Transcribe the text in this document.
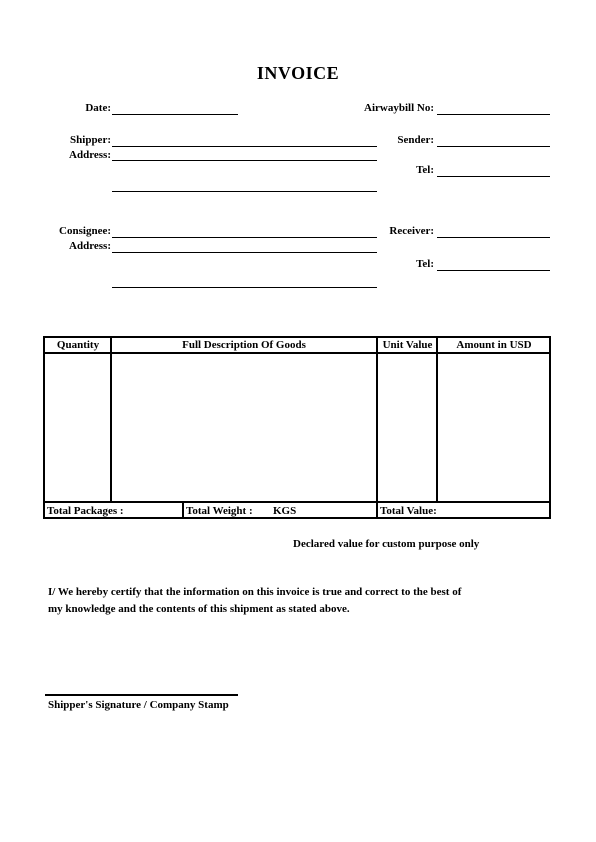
INVOICE
Date:	Airwaybill No:
Shipper:
Address:
Sender:
Tel:
Consignee:
Address:
Receiver:
Tel:
Quantity	Full Description Of Goods	Unit Value	Amount in USD
Total Packages :	Total Weight : KGS	Total Value:
Declared value for custom purpose only
I/ We hereby certify that the information on this invoice is true and correct to the best of
my knowledge and the contents of this shipment as stated above.
Shipper's Signature / Company Stamp
